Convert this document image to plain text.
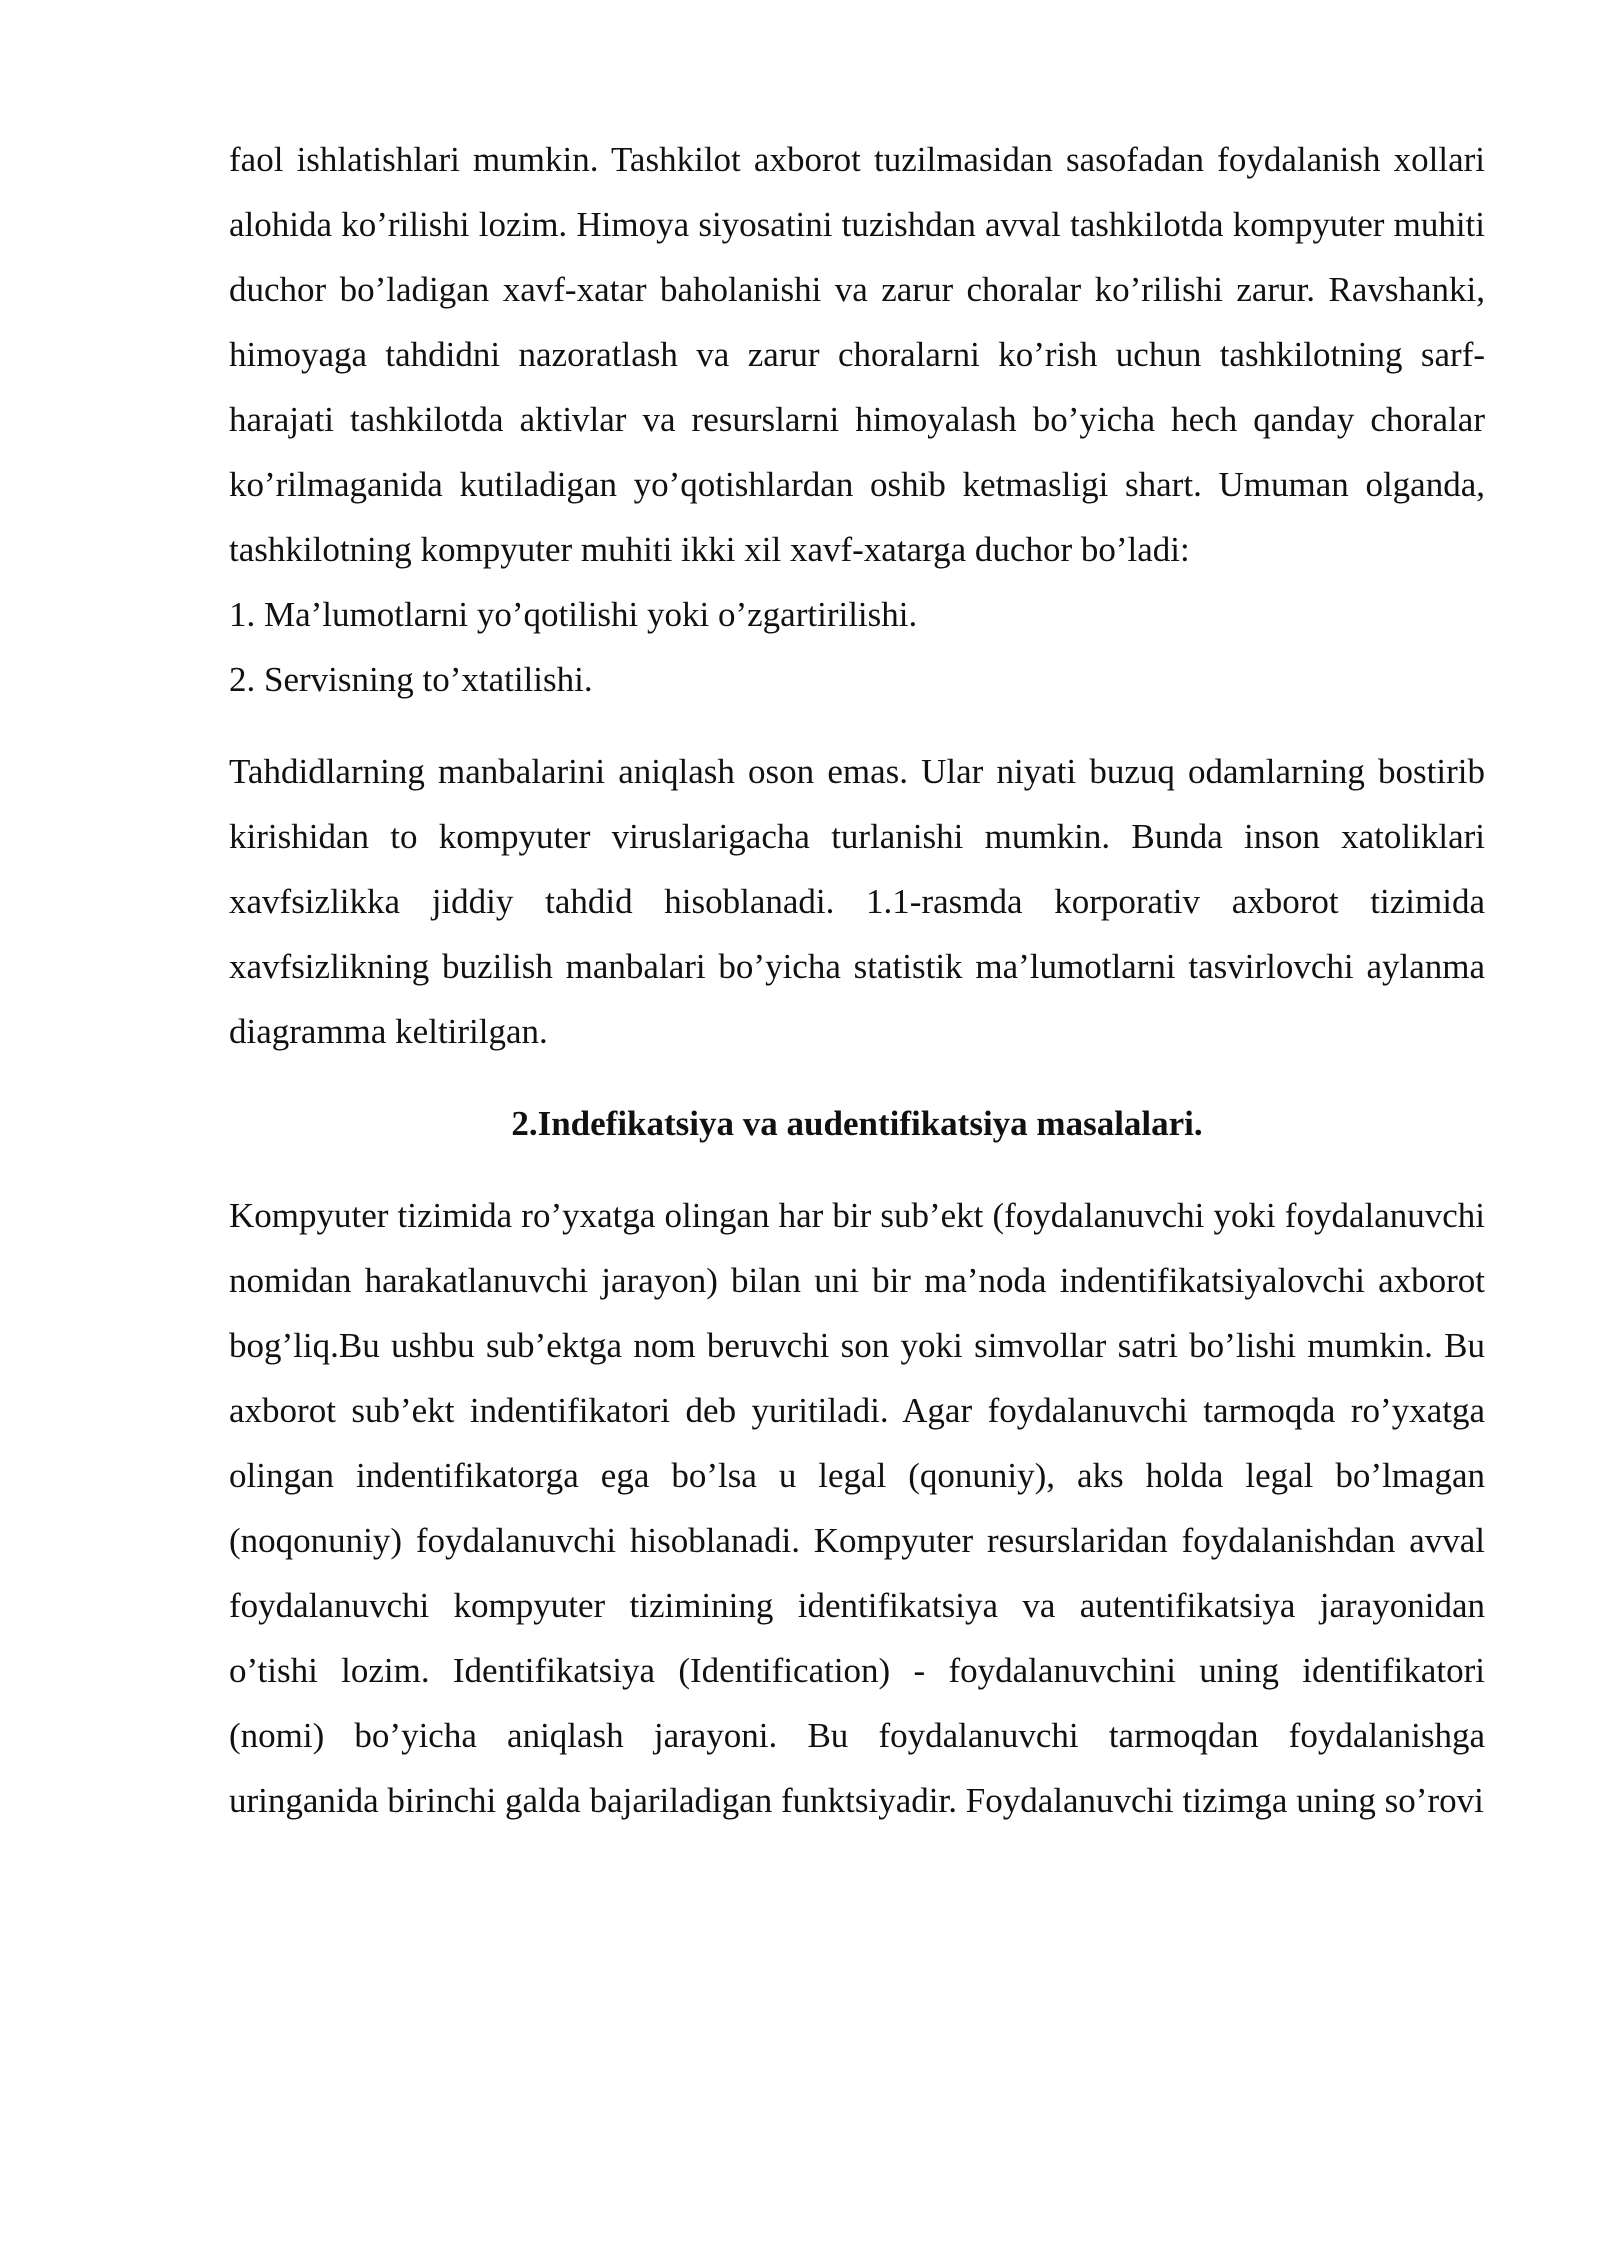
faol ishlatishlari mumkin. Tashkilot axborot tuzilmasidan sasofadan foydalanish xollari alohida ko’rilishi lozim. Himoya siyosatini tuzishdan avval tashkilotda kompyuter muhiti duchor bo’ladigan xavf-xatar baholanishi va zarur choralar ko’rilishi zarur. Ravshanki, himoyaga tahdidni nazoratlash va zarur choralarni ko’rish uchun tashkilotning sarf-harajati tashkilotda aktivlar va resurslarni himoyalash bo’yicha hech qanday choralar ko’rilmaganida kutiladigan yo’qotishlardan oshib ketmasligi shart. Umuman olganda, tashkilotning kompyuter muhiti ikki xil xavf-xatarga duchor bo’ladi:

1. Ma’lumotlarni yo’qotilishi yoki o’zgartirilishi.

2. Servisning to’xtatilishi.

Tahdidlarning manbalarini aniqlash oson emas. Ular niyati buzuq odamlarning bostirib kirishidan to kompyuter viruslarigacha turlanishi mumkin. Bunda inson xatoliklari xavfsizlikka jiddiy tahdid hisoblanadi. 1.1-rasmda korporativ axborot tizimida xavfsizlikning buzilish manbalari bo’yicha statistik ma’lumotlarni tasvirlovchi aylanma diagramma keltirilgan.

2.Indefikatsiya va audentifikatsiya masalalari.

Kompyuter tizimida ro’yxatga olingan har bir sub’ekt (foydalanuvchi yoki foydalanuvchi nomidan harakatlanuvchi jarayon) bilan uni bir ma’noda indentifikatsiyalovchi axborot bog’liq.Bu ushbu sub’ektga nom beruvchi son yoki simvollar satri bo’lishi mumkin. Bu axborot sub’ekt indentifikatori deb yuritiladi. Agar foydalanuvchi tarmoqda ro’yxatga olingan indentifikatorga ega bo’lsa u legal (qonuniy), aks holda legal bo’lmagan (noqonuniy) foydalanuvchi hisoblanadi. Kompyuter resurslaridan foydalanishdan avval foydalanuvchi kompyuter tizimining identifikatsiya va autentifikatsiya jarayonidan o’tishi lozim. Identifikatsiya (Identification) - foydalanuvchini uning identifikatori (nomi) bo’yicha aniqlash jarayoni. Bu foydalanuvchi tarmoqdan foydalanishga uringanida birinchi galda bajariladigan funktsiyadir. Foydalanuvchi tizimga uning so’rovi
